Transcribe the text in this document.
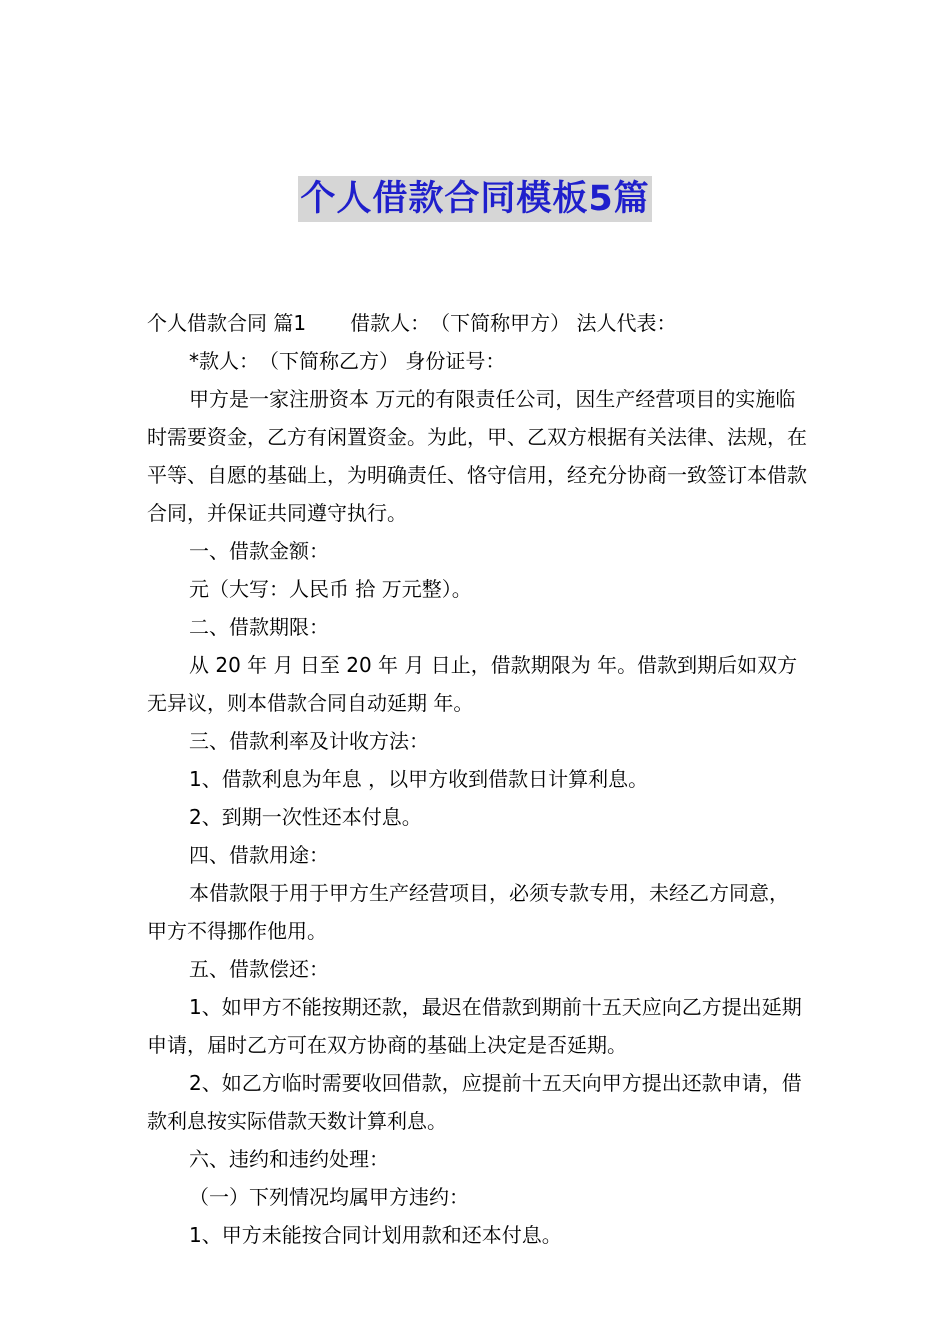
个人借款合同模板5篇

个人借款合同 篇1 借款人：　（下简称甲方） 法人代表：

*款人：　（下简称乙方） 身份证号：

甲方是一家注册资本 万元的有限责任公司，因生产经营项目的实施临时需要资金，乙方有闲置资金。为此，甲、乙双方根据有关法律、法规，在平等、自愿的基础上，为明确责任、恪守信用，经充分协商一致签订本借款合同，并保证共同遵守执行。

一、借款金额：

元（大写：人民币 拾 万元整）。

二、借款期限：

从 20 年 月 日至 20 年 月 日止，借款期限为 年。借款到期后如双方无异议，则本借款合同自动延期 年。

三、借款利率及计收方法：

1、借款利息为年息 ，以甲方收到借款日计算利息。

2、到期一次性还本付息。

四、借款用途：

本借款限于用于甲方生产经营项目，必须专款专用，未经乙方同意，甲方不得挪作他用。

五、借款偿还：

1、如甲方不能按期还款，最迟在借款到期前十五天应向乙方提出延期申请，届时乙方可在双方协商的基础上决定是否延期。

2、如乙方临时需要收回借款，应提前十五天向甲方提出还款申请，借款利息按实际借款天数计算利息。

六、违约和违约处理：

（一）下列情况均属甲方违约：

1、甲方未能按合同计划用款和还本付息。
